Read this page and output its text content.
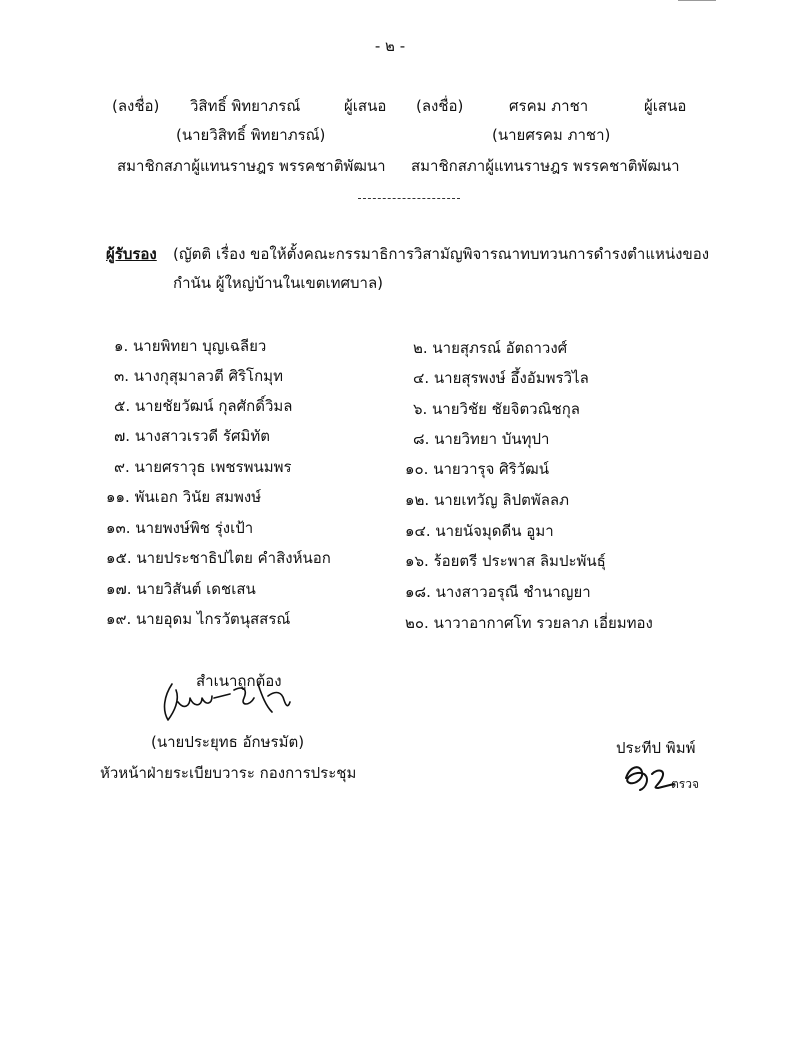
- ๒ -
(ลงชื่อ) วิสิทธิ์ พิทยาภรณ์	ผู้เสนอ
(นายวิสิทธิ์ พิทยาภรณ์)
สมาชิกสภาผู้แทนราษฎร พรรคชาติพัฒนา
(ลงชื่อ)	ศรคม ภาชา	ผู้เสนอ
(นายศรคม ภาชา)
สมาชิกสภาผู้แทนราษฎร พรรคชาติพัฒนา
ผู้รับรอง (ญัตติ เรื่อง ขอให้ตั้งคณะกรรมาธิการวิสามัญพิจารณาทบทวนการดำรงตำแหน่งของ
กำนัน ผู้ใหญ่บ้านในเขตเทศบาล)
๑. นายพิทยา บุญเฉลียว
๓. นางกุสุมาลวตี ศิริโกมุท
๕. นายชัยวัฒน์ กุลศักดิ์วิมล
๗. นางสาวเรวดี รัศมิทัต
๙. นายศราวุธ เพชรพนมพร
๑๑. พันเอก วินัย สมพงษ์
๑๓. นายพงษ์พิช รุ่งเป้า
๑๕. นายประชาธิปไตย คำสิงห์นอก
๑๗. นายวิสันต์ เดชเสน
๑๙. นายอุดม ไกรวัตนุสสรณ์
๒. นายสุภรณ์ อัตถาวงศ์
๔. นายสุรพงษ์ อึ้งอัมพรวิไล
๖. นายวิชัย ชัยจิตวณิชกุล
๘. นายวิทยา บันทุปา
๑๐. นายวารุจ ศิริวัฒน์
๑๒. นายเทวัญ ลิปตพัลลภ
๑๔. นายนัจมุดดีน อูมา
๑๖. ร้อยตรี ประพาส ลิมปะพันธุ์
๑๘. นางสาวอรุณี ชำนาญยา
๒๐. นาวาอากาศโท รวยลาภ เอี่ยมทอง
สำเนาถูกต้อง
(นายประยุทธ อักษรมัต)
หัวหน้าฝ่ายระเบียบวาระ กองการประชุม
ประทีป พิมพ์
ตรวจ
